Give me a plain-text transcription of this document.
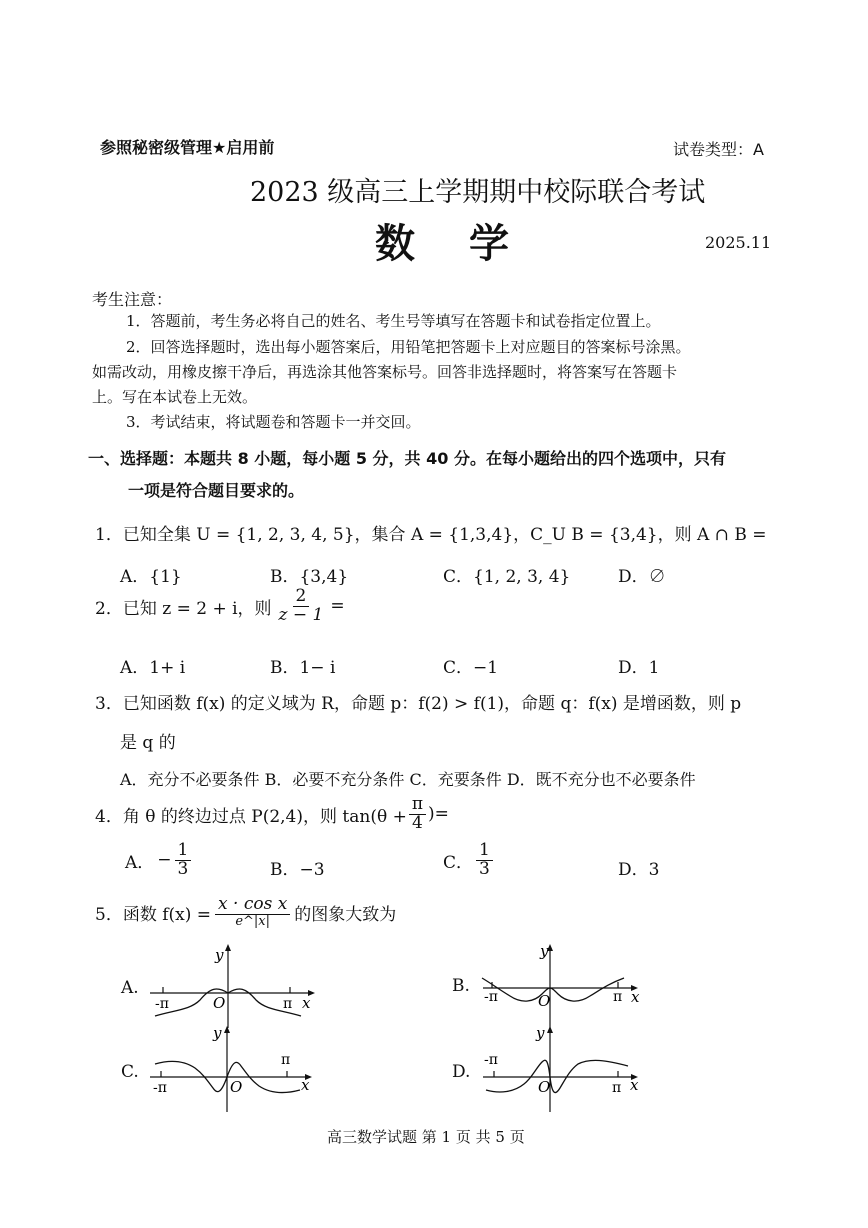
参照秘密级管理★启用前	试卷类型：A
2023 级高三上学期期中校际联合考试
数学	2025.11
考生注意：
1．答题前，考生务必将自己的姓名、考生号等填写在答题卡和试卷指定位置上。
2．回答选择题时，选出每小题答案后，用铅笔把答题卡上对应题目的答案标号涂黑。
如需改动，用橡皮擦干净后，再选涂其他答案标号。回答非选择题时，将答案写在答题卡
上。写在本试卷上无效。
3．考试结束，将试题卷和答题卡一并交回。
一、选择题：本题共 8 小题，每小题 5 分，共 40 分。在每小题给出的四个选项中，只有
一项是符合题目要求的。
1．已知全集 U = {1, 2, 3, 4, 5}，集合 A = {1,3,4}，C_U B = {3,4}，则 A ∩ B =
A．{1}	B．{3,4}	C．{1, 2, 3, 4}	D．∅
2．已知 z = 2 + i，则 $\frac{2}{z - 1}$ =
A．1+ i	B．1− i	C．−1	D．1
3．已知函数 f(x) 的定义域为 R，命题 p：f(2) > f(1)，命题 q：f(x) 是增函数，则 p
是 q 的
A．充分不必要条件 B．必要不充分条件 C．充要条件 D．既不充分也不必要条件
4．角 θ 的终边过点 P(2,4)，则 $\tan(\theta + \frac{\pi}{4}$ )=
A． − $\frac{1}{3}$	B．−3	C． $\frac{1}{3}$	D．3
5．函数 $f(x) = \frac{\text{x · cos x}}{e\^{}|x|}$ 的图象大致为
A.	B.
C.	D.
y
O
-π	π x
y
O
-π	π x
y
O
-π
π
x
y
O
-π
π x
高三数学试题 第 1 页 共 5 页
